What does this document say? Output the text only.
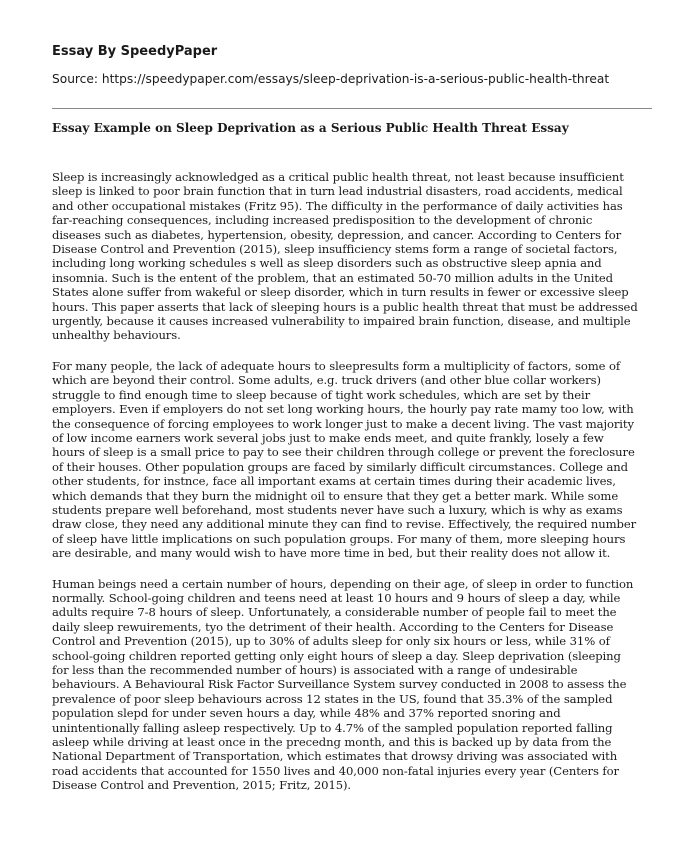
Essay By SpeedyPaper
Source: https://speedypaper.com/essays/sleep-deprivation-is-a-serious-public-health-threat
Essay Example on Sleep Deprivation as a Serious Public Health Threat Essay

Sleep is increasingly acknowledged as a critical public health threat, not least because insufficient
sleep is linked to poor brain function that in turn lead industrial disasters, road accidents, medical
and other occupational mistakes (Fritz 95). The difficulty in the performance of daily activities has
far-reaching consequences, including increased predisposition to the development of chronic
diseases such as diabetes, hypertension, obesity, depression, and cancer. According to Centers for
Disease Control and Prevention (2015), sleep insufficiency stems form a range of societal factors,
including long working schedules s well as sleep disorders such as obstructive sleep apnia and
insomnia. Such is the entent of the problem, that an estimated 50-70 million adults in the United
States alone suffer from wakeful or sleep disorder, which in turn results in fewer or excessive sleep
hours. This paper asserts that lack of sleeping hours is a public health threat that must be addressed
urgently, because it causes increased vulnerability to impaired brain function, disease, and multiple
unhealthy behaviours.

For many people, the lack of adequate hours to sleepresults form a multiplicity of factors, some of
which are beyond their control. Some adults, e.g. truck drivers (and other blue collar workers)
struggle to find enough time to sleep because of tight work schedules, which are set by their
employers. Even if employers do not set long working hours, the hourly pay rate mamy too low, with
the consequence of forcing employees to work longer just to make a decent living. The vast majority
of low income earners work several jobs just to make ends meet, and quite frankly, losely a few
hours of sleep is a small price to pay to see their children through college or prevent the foreclosure
of their houses. Other population groups are faced by similarly difficult circumstances. College and
other students, for instnce, face all important exams at certain times during their academic lives,
which demands that they burn the midnight oil to ensure that they get a better mark. While some
students prepare well beforehand, most students never have such a luxury, which is why as exams
draw close, they need any additional minute they can find to revise. Effectively, the required number
of sleep have little implications on such population groups. For many of them, more sleeping hours
are desirable, and many would wish to have more time in bed, but their reality does not allow it.

Human beings need a certain number of hours, depending on their age, of sleep in order to function
normally. School-going children and teens need at least 10 hours and 9 hours of sleep a day, while
adults require 7-8 hours of sleep. Unfortunately, a considerable number of people fail to meet the
daily sleep rewuirements, tyo the detriment of their health. According to the Centers for Disease
Control and Prevention (2015), up to 30% of adults sleep for only six hours or less, while 31% of
school-going children reported getting only eight hours of sleep a day. Sleep deprivation (sleeping
for less than the recommended number of hours) is associated with a range of undesirable
behaviours. A Behavioural Risk Factor Surveillance System survey conducted in 2008 to assess the
prevalence of poor sleep behaviours across 12 states in the US, found that 35.3% of the sampled
population slepd for under seven hours a day, while 48% and 37% reported snoring and
unintentionally falling asleep respectively. Up to 4.7% of the sampled population reported falling
asleep while driving at least once in the precedng month, and this is backed up by data from the
National Department of Transportation, which estimates that drowsy driving was associated with
road accidents that accounted for 1550 lives and 40,000 non-fatal injuries every year (Centers for
Disease Control and Prevention, 2015; Fritz, 2015).
